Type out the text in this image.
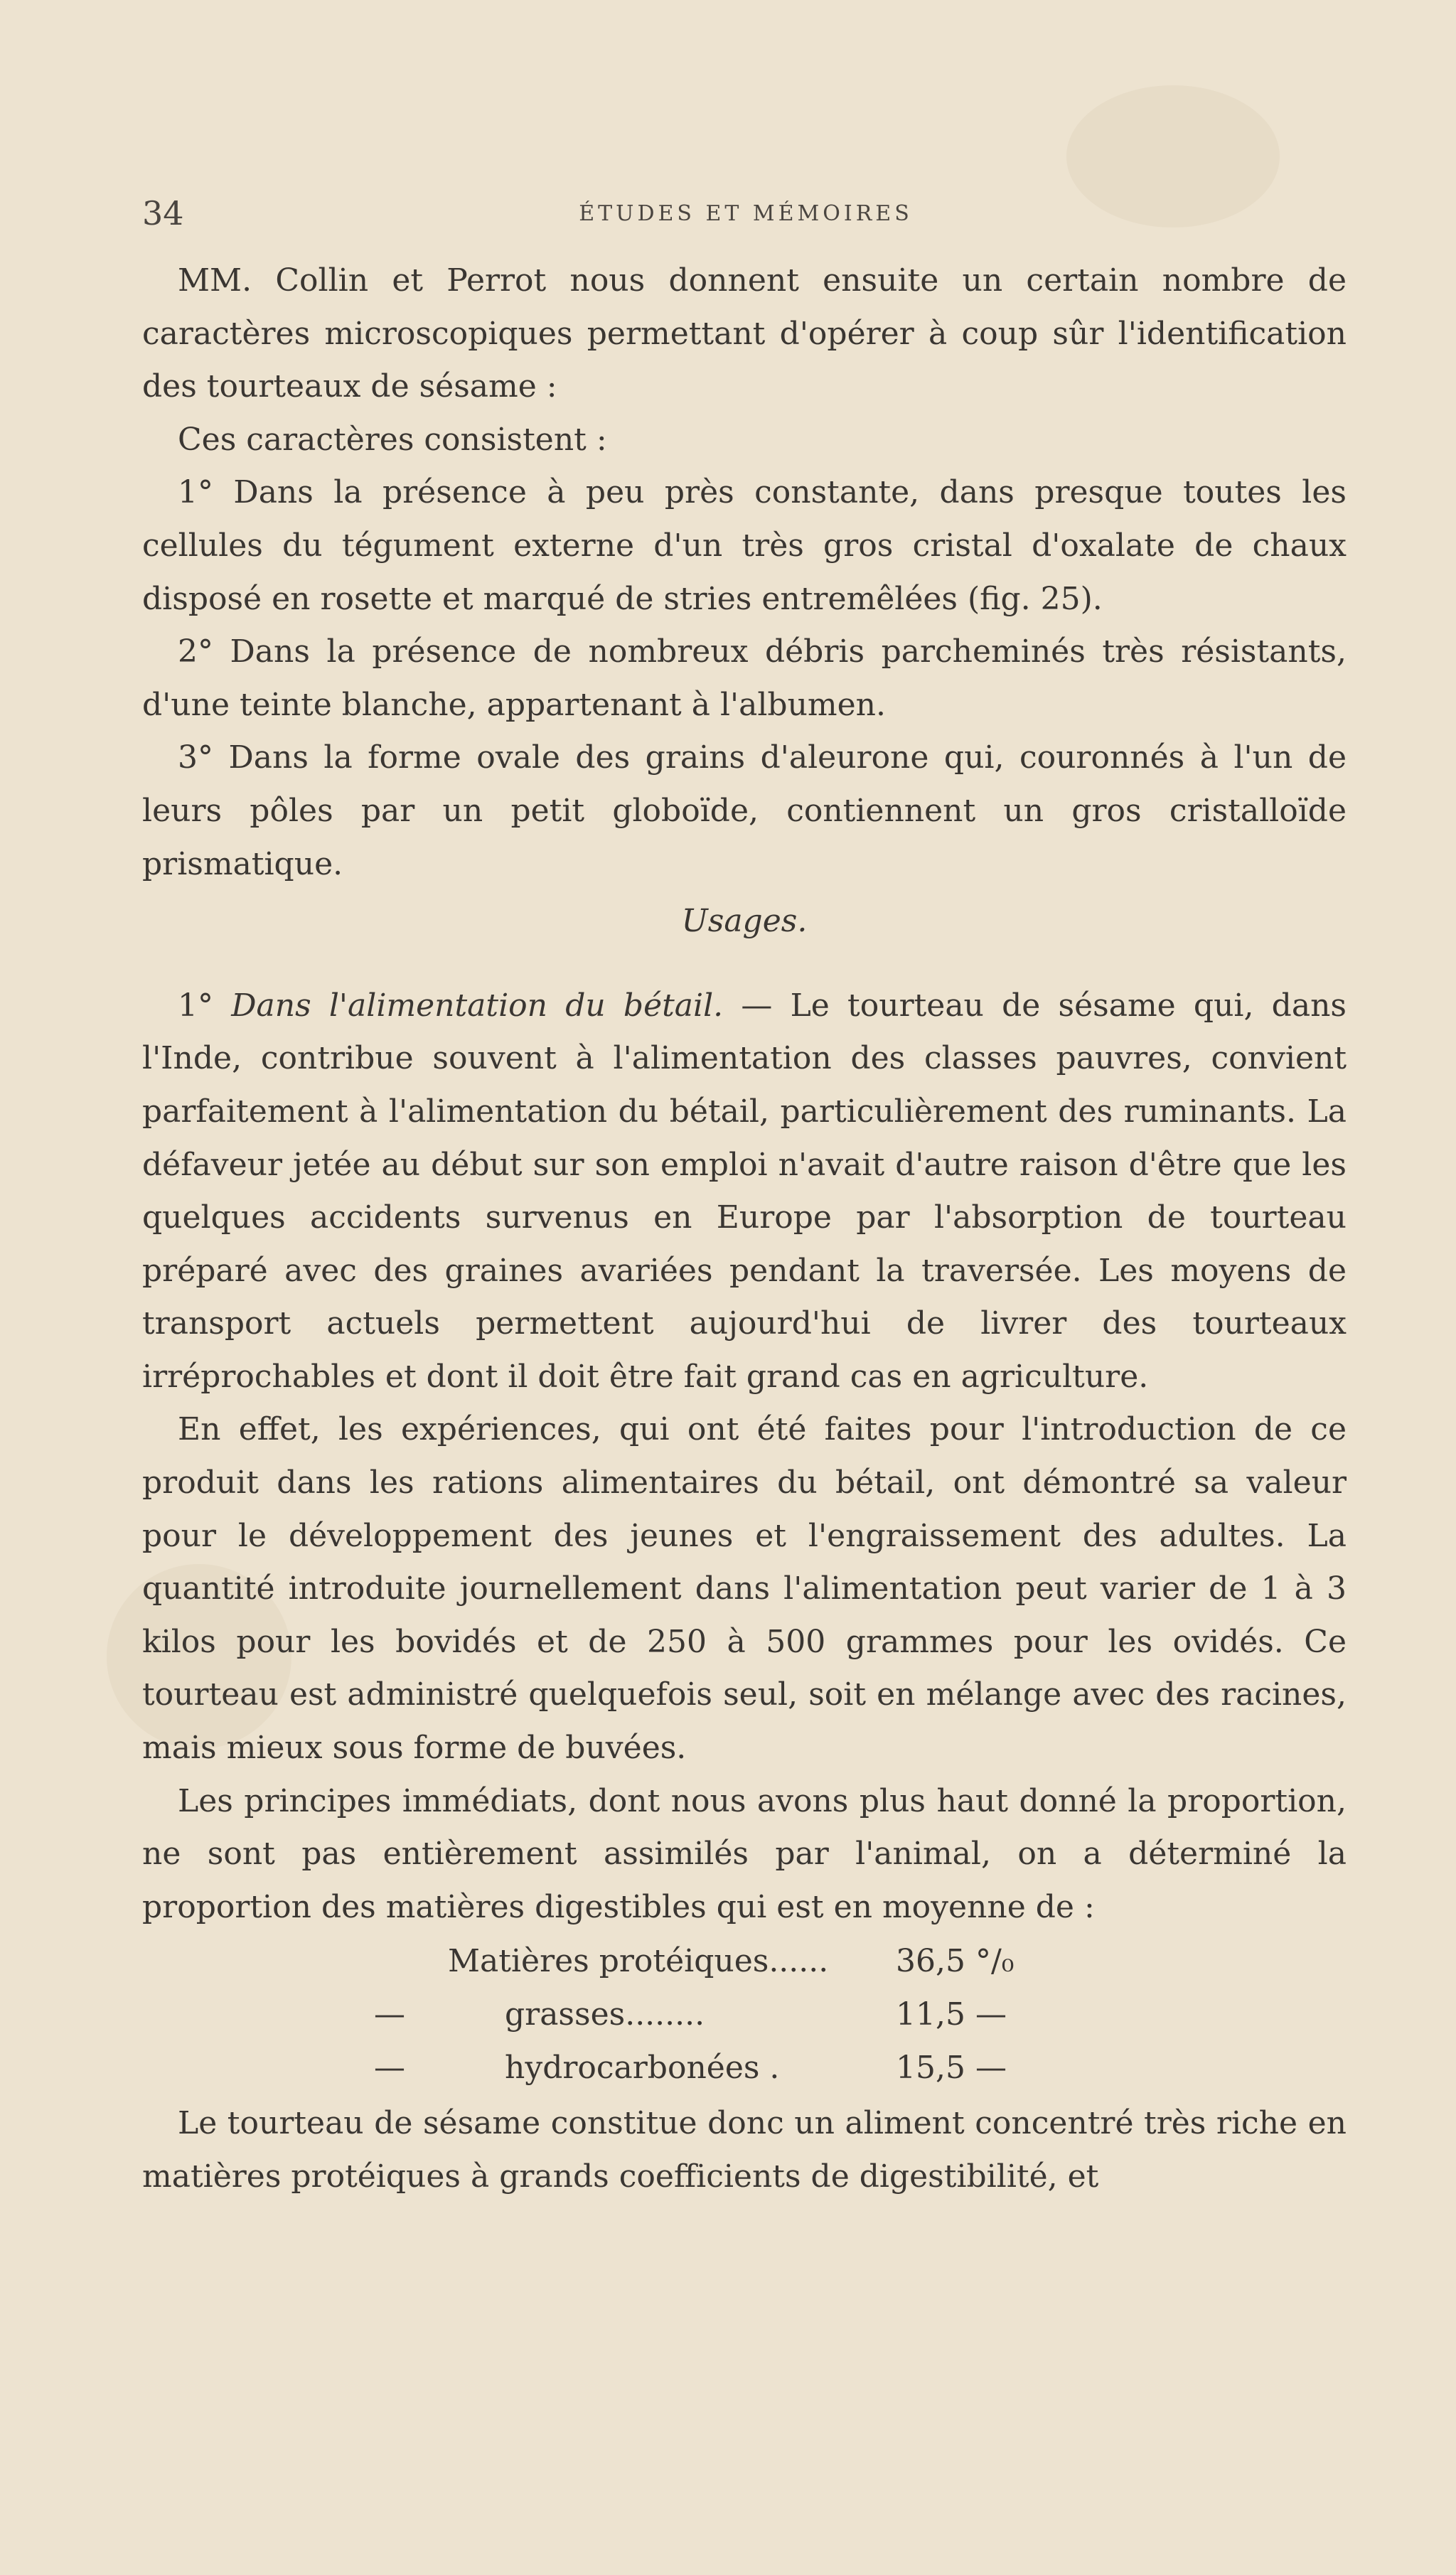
34	ÉTUDES ET MÉMOIRES

MM. Collin et Perrot nous donnent ensuite un certain nombre de caractères microscopiques permettant d'opérer à coup sûr l'identification des tourteaux de sésame :

Ces caractères consistent :

1° Dans la présence à peu près constante, dans presque toutes les cellules du tégument externe d'un très gros cristal d'oxalate de chaux disposé en rosette et marqué de stries entremêlées (fig. 25).

2° Dans la présence de nombreux débris parcheminés très résistants, d'une teinte blanche, appartenant à l'albumen.

3° Dans la forme ovale des grains d'aleurone qui, couronnés à l'un de leurs pôles par un petit globoïde, contiennent un gros cristalloïde prismatique.

Usages.

1° Dans l'alimentation du bétail. — Le tourteau de sésame qui, dans l'Inde, contribue souvent à l'alimentation des classes pauvres, convient parfaitement à l'alimentation du bétail, particulièrement des ruminants. La défaveur jetée au début sur son emploi n'avait d'autre raison d'être que les quelques accidents survenus en Europe par l'absorption de tourteau préparé avec des graines avariées pendant la traversée. Les moyens de transport actuels permettent aujourd'hui de livrer des tourteaux irréprochables et dont il doit être fait grand cas en agriculture.

En effet, les expériences, qui ont été faites pour l'introduction de ce produit dans les rations alimentaires du bétail, ont démontré sa valeur pour le développement des jeunes et l'engraissement des adultes. La quantité introduite journellement dans l'alimentation peut varier de 1 à 3 kilos pour les bovidés et de 250 à 500 grammes pour les ovidés. Ce tourteau est administré quelquefois seul, soit en mélange avec des racines, mais mieux sous forme de buvées.

Les principes immédiats, dont nous avons plus haut donné la proportion, ne sont pas entièrement assimilés par l'animal, on a déterminé la proportion des matières digestibles qui est en moyenne de :

Matières protéiques......	36,5 °/₀
—	grasses........	11,5 —
—	hydrocarbonées .	15,5 —

Le tourteau de sésame constitue donc un aliment concentré très riche en matières protéiques à grands coefficients de digestibilité, et
